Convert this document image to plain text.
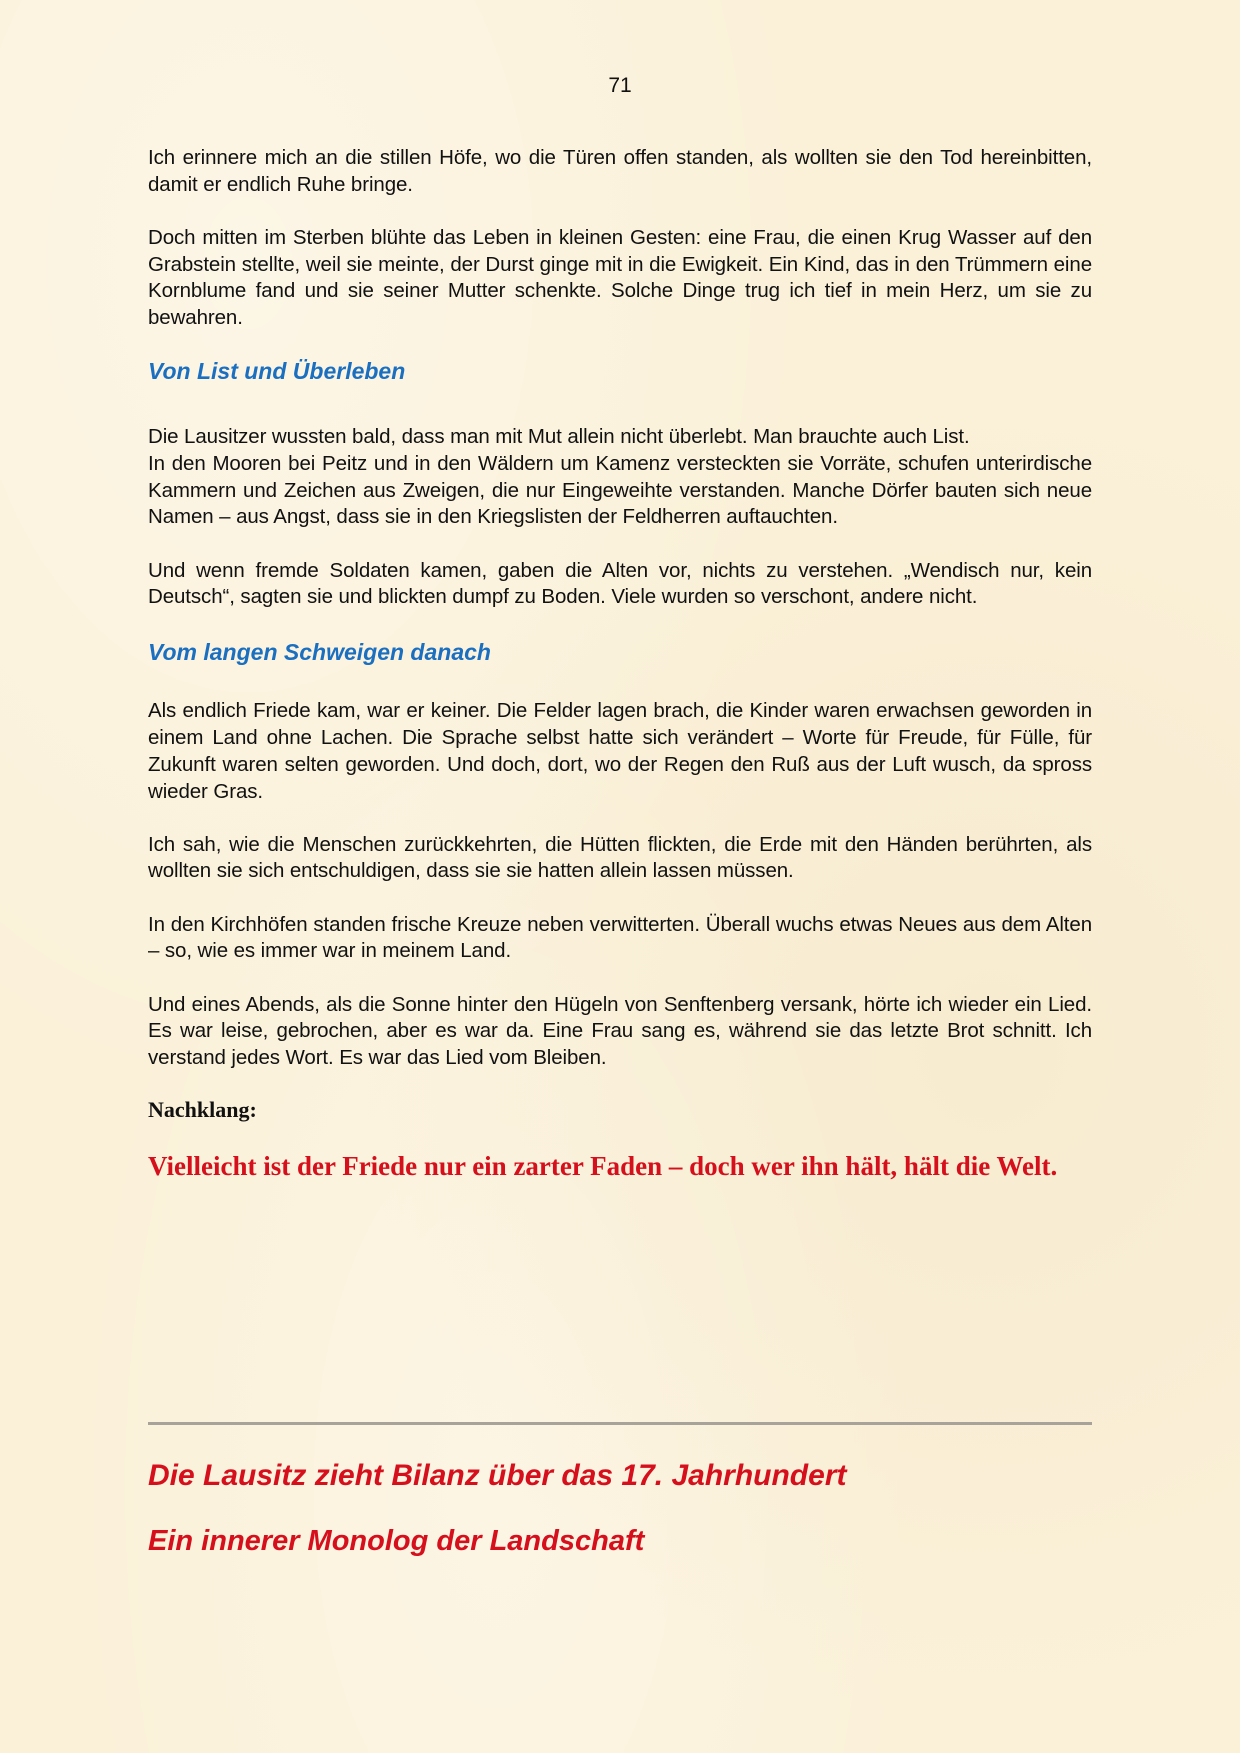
71

Ich erinnere mich an die stillen Höfe, wo die Türen offen standen, als wollten sie den Tod hereinbitten, damit er endlich Ruhe bringe.

Doch mitten im Sterben blühte das Leben in kleinen Gesten: eine Frau, die einen Krug Wasser auf den Grabstein stellte, weil sie meinte, der Durst ginge mit in die Ewigkeit. Ein Kind, das in den Trümmern eine Kornblume fand und sie seiner Mutter schenkte. Solche Dinge trug ich tief in mein Herz, um sie zu bewahren.

Von List und Überleben

Die Lausitzer wussten bald, dass man mit Mut allein nicht überlebt. Man brauchte auch List.
In den Mooren bei Peitz und in den Wäldern um Kamenz versteckten sie Vorräte, schufen unterirdische Kammern und Zeichen aus Zweigen, die nur Eingeweihte verstanden. Manche Dörfer bauten sich neue Namen – aus Angst, dass sie in den Kriegslisten der Feldherren auftauchten.

Und wenn fremde Soldaten kamen, gaben die Alten vor, nichts zu verstehen. „Wendisch nur, kein Deutsch“, sagten sie und blickten dumpf zu Boden. Viele wurden so verschont, andere nicht.

Vom langen Schweigen danach

Als endlich Friede kam, war er keiner. Die Felder lagen brach, die Kinder waren erwachsen geworden in einem Land ohne Lachen. Die Sprache selbst hatte sich verändert – Worte für Freude, für Fülle, für Zukunft waren selten geworden. Und doch, dort, wo der Regen den Ruß aus der Luft wusch, da spross wieder Gras.

Ich sah, wie die Menschen zurückkehrten, die Hütten flickten, die Erde mit den Händen berührten, als wollten sie sich entschuldigen, dass sie sie hatten allein lassen müssen.

In den Kirchhöfen standen frische Kreuze neben verwitterten. Überall wuchs etwas Neues aus dem Alten – so, wie es immer war in meinem Land.

Und eines Abends, als die Sonne hinter den Hügeln von Senftenberg versank, hörte ich wieder ein Lied. Es war leise, gebrochen, aber es war da. Eine Frau sang es, während sie das letzte Brot schnitt. Ich verstand jedes Wort. Es war das Lied vom Bleiben.

Nachklang:

Vielleicht ist der Friede nur ein zarter Faden – doch wer ihn hält, hält die Welt.

Die Lausitz zieht Bilanz über das 17. Jahrhundert
Ein innerer Monolog der Landschaft
